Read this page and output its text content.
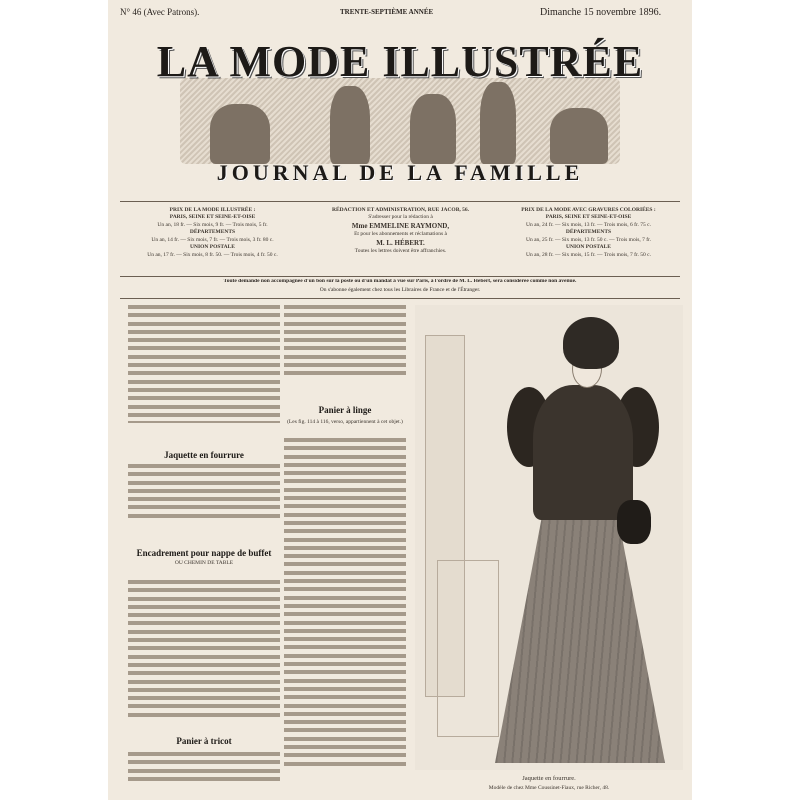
N° 46 (Avec Patrons).	TRENTE-SEPTIÈME ANNÉE	Dimanche 15 novembre 1896.
LA MODE ILLUSTRÉE
JOURNAL DE LA FAMILLE
PRIX DE LA MODE ILLUSTRÉE :
PARIS, SEINE ET SEINE-ET-OISE
Un an, 18 fr. — Six mois, 9 fr. — Trois mois, 5 fr.
DÉPARTEMENTS
Un an, 14 fr. — Six mois, 7 fr. — Trois mois, 3 fr. 80 c.
UNION POSTALE
Un an, 17 fr. — Six mois, 8 fr. 50. — Trois mois, 4 fr. 50 c.
RÉDACTION ET ADMINISTRATION, RUE JACOB, 56.
S'adresser pour la rédaction à
Mme EMMELINE RAYMOND,
Et pour les abonnements et réclamations à
M. L. HÉBERT.
Toutes les lettres doivent être affranchies.
PRIX DE LA MODE AVEC GRAVURES COLORIÉES :
PARIS, SEINE ET SEINE-ET-OISE
Un an, 24 fr. — Six mois, 13 fr. — Trois mois, 6 fr. 75 c.
DÉPARTEMENTS
Un an, 25 fr. — Six mois, 13 fr. 50 c. — Trois mois, 7 fr.
UNION POSTALE
Un an, 28 fr. — Six mois, 15 fr. — Trois mois, 7 fr. 50 c.
Toute demande non accompagnée d'un bon sur la poste ou d'un mandat à vue sur Paris, à l'ordre de M. L. Hébert, sera considérée comme non avenue.
On s'abonne également chez tous les Libraires de France et de l'Étranger.
Jaquette en fourrure
Encadrement pour nappe de buffet
OU CHEMIN DE TABLE
Panier à tricot
Panier à linge
(Les fig. 114 à 116, verso, appartiennent à cet objet.)
Jaquette en fourrure.
Modèle de chez Mme Coussinet-Fiaux, rue Richer, 48.
